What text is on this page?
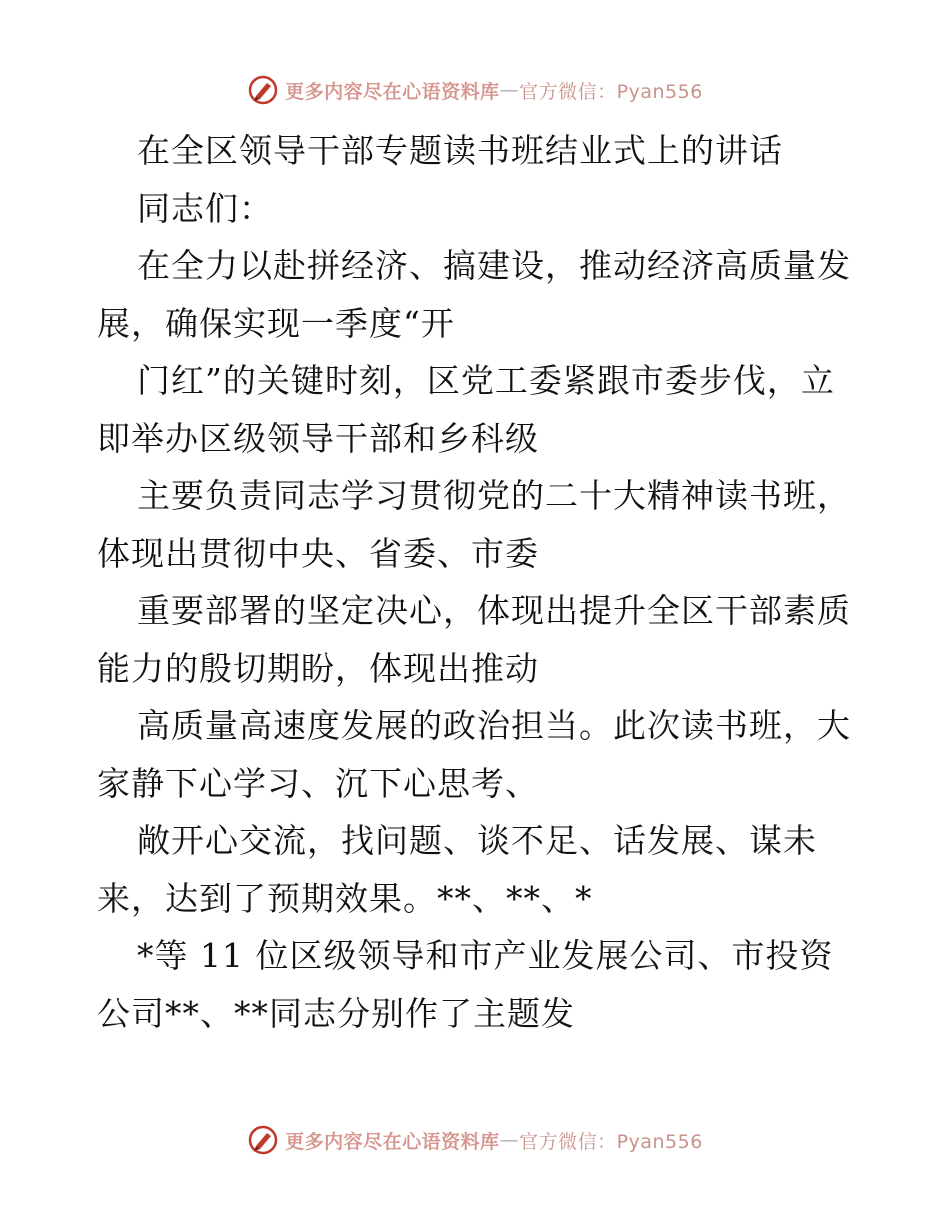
更多内容尽在心语资料库 — 官方微信：Pyan556
在全区领导干部专题读书班结业式上的讲话
同志们：
在全力以赴拼经济、搞建设，推动经济高质量发
展，确保实现一季度“开
门红”的关键时刻，区党工委紧跟市委步伐，立
即举办区级领导干部和乡科级
主要负责同志学习贯彻党的二十大精神读书班，
体现出贯彻中央、省委、市委
重要部署的坚定决心，体现出提升全区干部素质
能力的殷切期盼，体现出推动
高质量高速度发展的政治担当。此次读书班，大
家静下心学习、沉下心思考、
敞开心交流，找问题、谈不足、话发展、谋未
来，达到了预期效果。**、**、*
*等 11 位区级领导和市产业发展公司、市投资
公司**、**同志分别作了主题发
更多内容尽在心语资料库 — 官方微信：Pyan556
